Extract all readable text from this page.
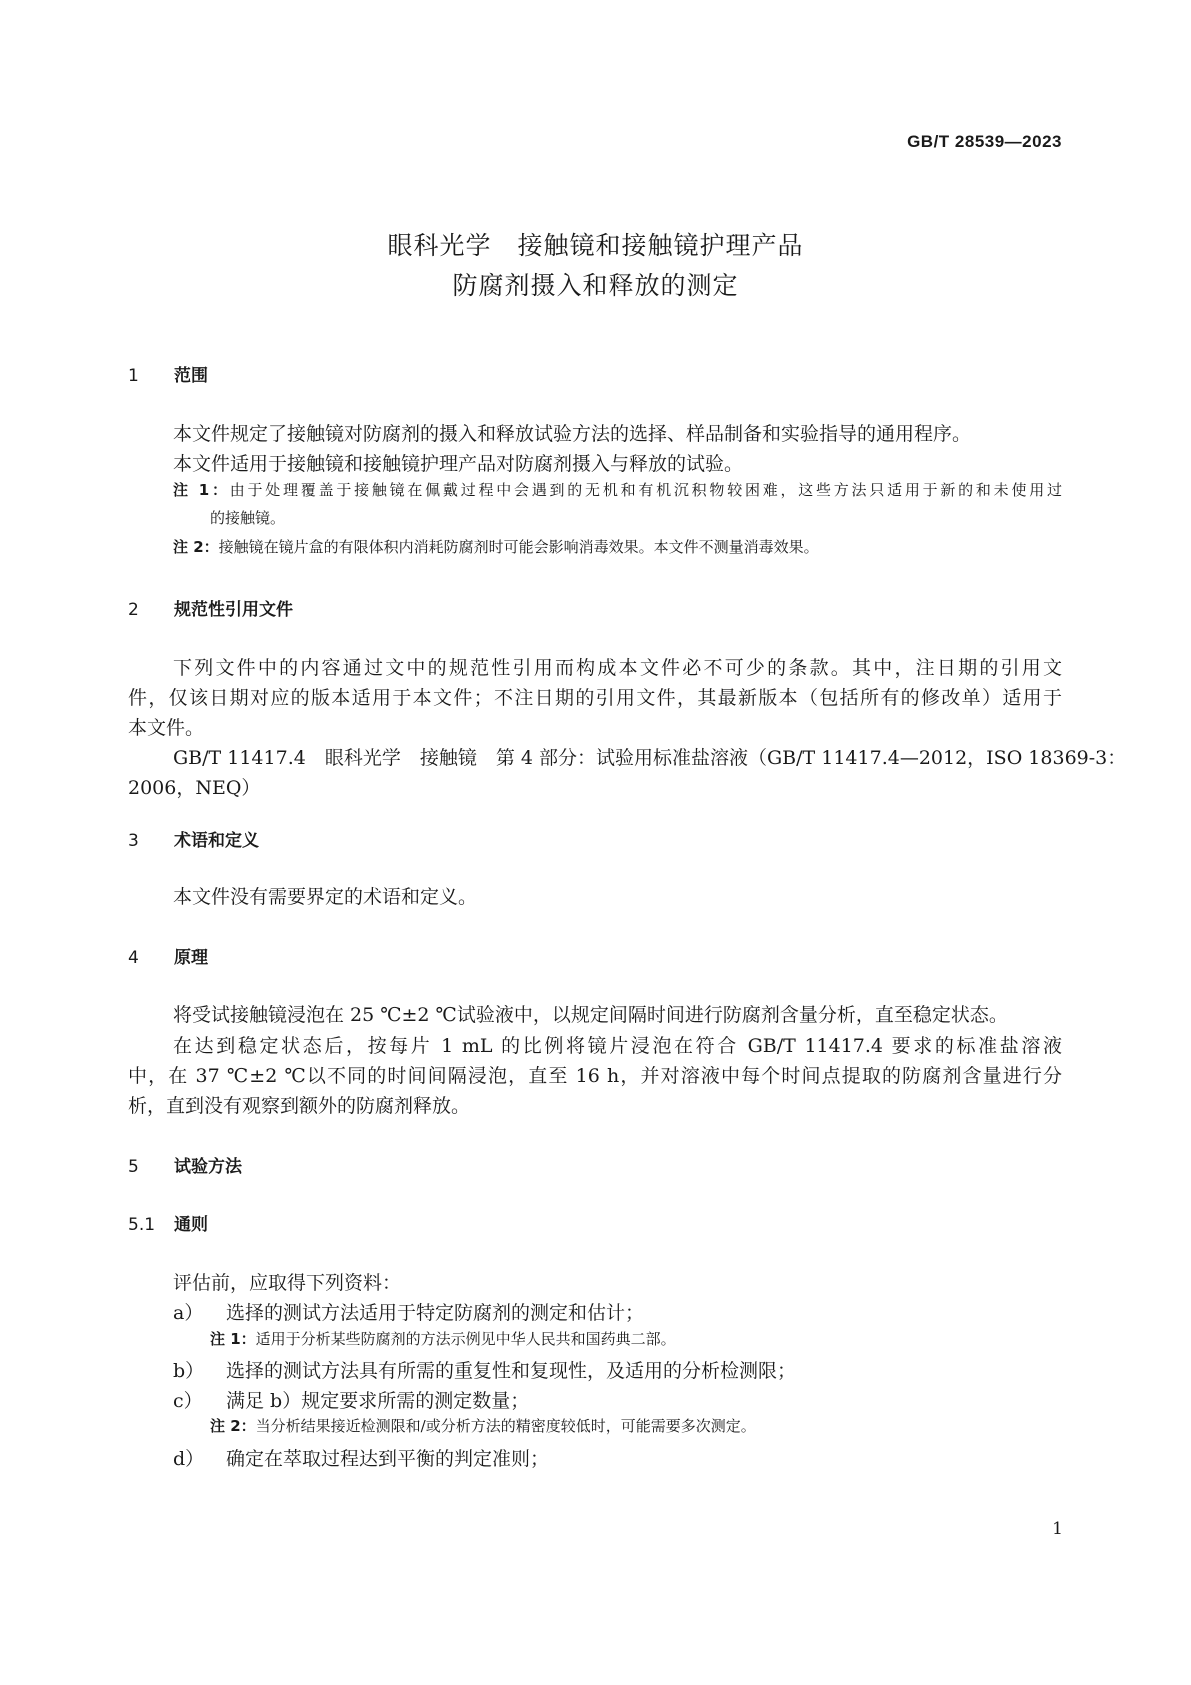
GB/T 28539—2023
眼科光学　接触镜和接触镜护理产品
防腐剂摄入和释放的测定
1 范围
本文件规定了接触镜对防腐剂的摄入和释放试验方法的选择、样品制备和实验指导的通用程序。
本文件适用于接触镜和接触镜护理产品对防腐剂摄入与释放的试验。
注 1：由于处理覆盖于接触镜在佩戴过程中会遇到的无机和有机沉积物较困难，这些方法只适用于新的和未使用过
的接触镜。
注 2：接触镜在镜片盒的有限体积内消耗防腐剂时可能会影响消毒效果。本文件不测量消毒效果。
2 规范性引用文件
下列文件中的内容通过文中的规范性引用而构成本文件必不可少的条款。其中，注日期的引用文
件，仅该日期对应的版本适用于本文件；不注日期的引用文件，其最新版本（包括所有的修改单）适用于
本文件。
GB/T 11417.4　眼科光学　接触镜　第 4 部分：试验用标准盐溶液（GB/T 11417.4—2012，ISO 18369-3：
2006，NEQ）
3 术语和定义
本文件没有需要界定的术语和定义。
4 原理
将受试接触镜浸泡在 25 ℃±2 ℃试验液中，以规定间隔时间进行防腐剂含量分析，直至稳定状态。
在达到稳定状态后，按每片 1 mL 的比例将镜片浸泡在符合 GB/T 11417.4 要求的标准盐溶液
中，在 37 ℃±2 ℃以不同的时间间隔浸泡，直至 16 h，并对溶液中每个时间点提取的防腐剂含量进行分
析，直到没有观察到额外的防腐剂释放。
5 试验方法
5.1 通则
评估前，应取得下列资料：
a） 选择的测试方法适用于特定防腐剂的测定和估计；
注 1：适用于分析某些防腐剂的方法示例见中华人民共和国药典二部。
b） 选择的测试方法具有所需的重复性和复现性，及适用的分析检测限；
c） 满足 b）规定要求所需的测定数量；
注 2：当分析结果接近检测限和/或分析方法的精密度较低时，可能需要多次测定。
d） 确定在萃取过程达到平衡的判定准则；
1
